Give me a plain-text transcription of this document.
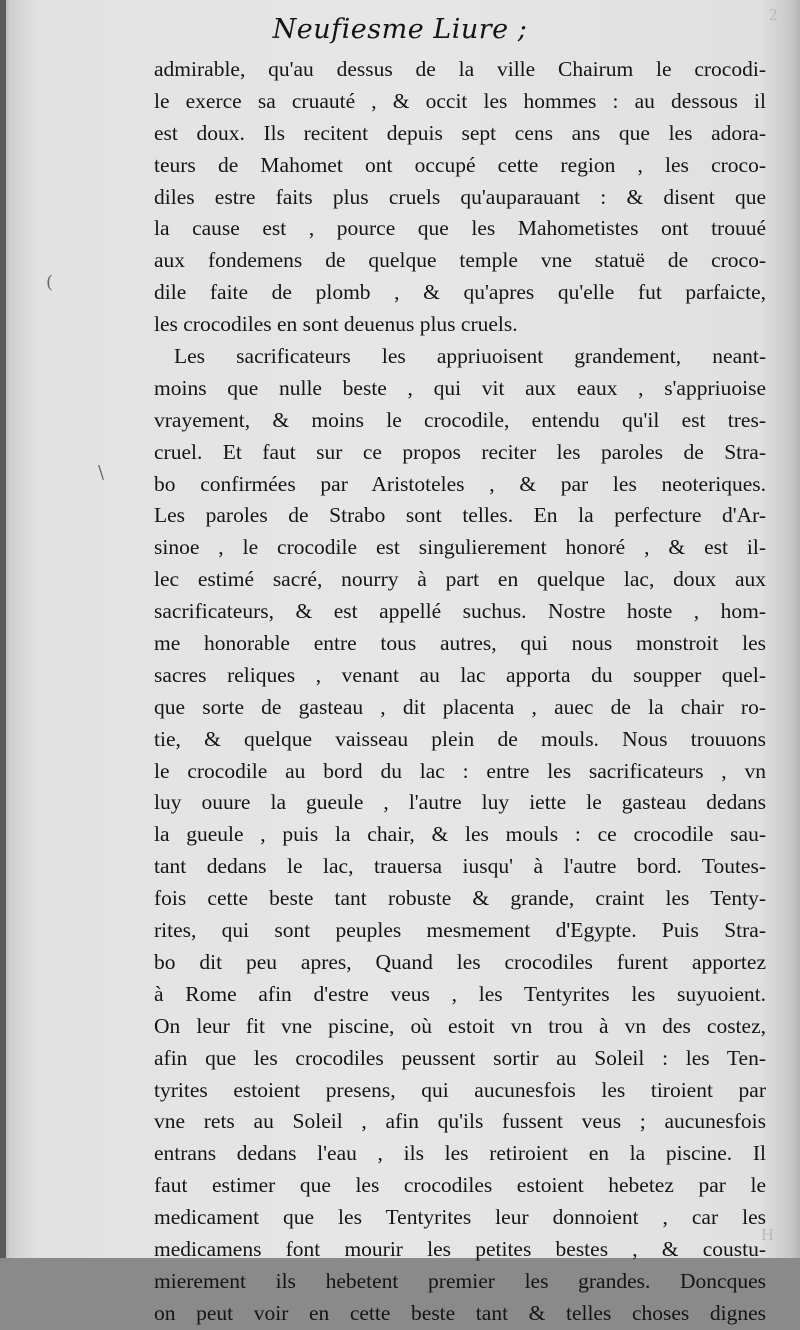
Neufiesme Liure ;	2
H
(
\
admirable, qu'au dessus de la ville Chairum le crocodi-
le exerce sa cruauté , & occit les hommes : au dessous il
est doux. Ils recitent depuis sept cens ans que les adora-
teurs de Mahomet ont occupé cette region , les croco-
diles estre faits plus cruels qu'auparauant : & disent que
la cause est , pource que les Mahometistes ont trouué
aux fondemens de quelque temple vne statuë de croco-
dile faite de plomb , & qu'apres qu'elle fut parfaicte,
les crocodiles en sont deuenus plus cruels.
Les sacrificateurs les appriuoisent grandement, neant-
moins que nulle beste , qui vit aux eaux , s'appriuoise
vrayement, & moins le crocodile, entendu qu'il est tres-
cruel. Et faut sur ce propos reciter les paroles de Stra-
bo confirmées par Aristoteles , & par les neoteriques.
Les paroles de Strabo sont telles. En la perfecture d'Ar-
sinoe , le crocodile est singulierement honoré , & est il-
lec estimé sacré, nourry à part en quelque lac, doux aux
sacrificateurs, & est appellé suchus. Nostre hoste , hom-
me honorable entre tous autres, qui nous monstroit les
sacres reliques , venant au lac apporta du soupper quel-
que sorte de gasteau , dit placenta , auec de la chair ro-
tie, & quelque vaisseau plein de mouls. Nous trouuons
le crocodile au bord du lac : entre les sacrificateurs , vn
luy ouure la gueule , l'autre luy iette le gasteau dedans
la gueule , puis la chair, & les mouls : ce crocodile sau-
tant dedans le lac, trauersa iusqu' à l'autre bord. Toutes-
fois cette beste tant robuste & grande, craint les Tenty-
rites, qui sont peuples mesmement d'Egypte. Puis Stra-
bo dit peu apres, Quand les crocodiles furent apportez
à Rome afin d'estre veus , les Tentyrites les suyuoient.
On leur fit vne piscine, où estoit vn trou à vn des costez,
afin que les crocodiles peussent sortir au Soleil : les Ten-
tyrites estoient presens, qui aucunesfois les tiroient par
vne rets au Soleil , afin qu'ils fussent veus ; aucunesfois
entrans dedans l'eau , ils les retiroient en la piscine. Il
faut estimer que les crocodiles estoient hebetez par le
medicament que les Tentyrites leur donnoient , car les
medicamens font mourir les petites bestes , & coustu-
mierement ils hebetent premier les grandes. Doncques
on peut voir en cette beste tant & telles choses dignes
